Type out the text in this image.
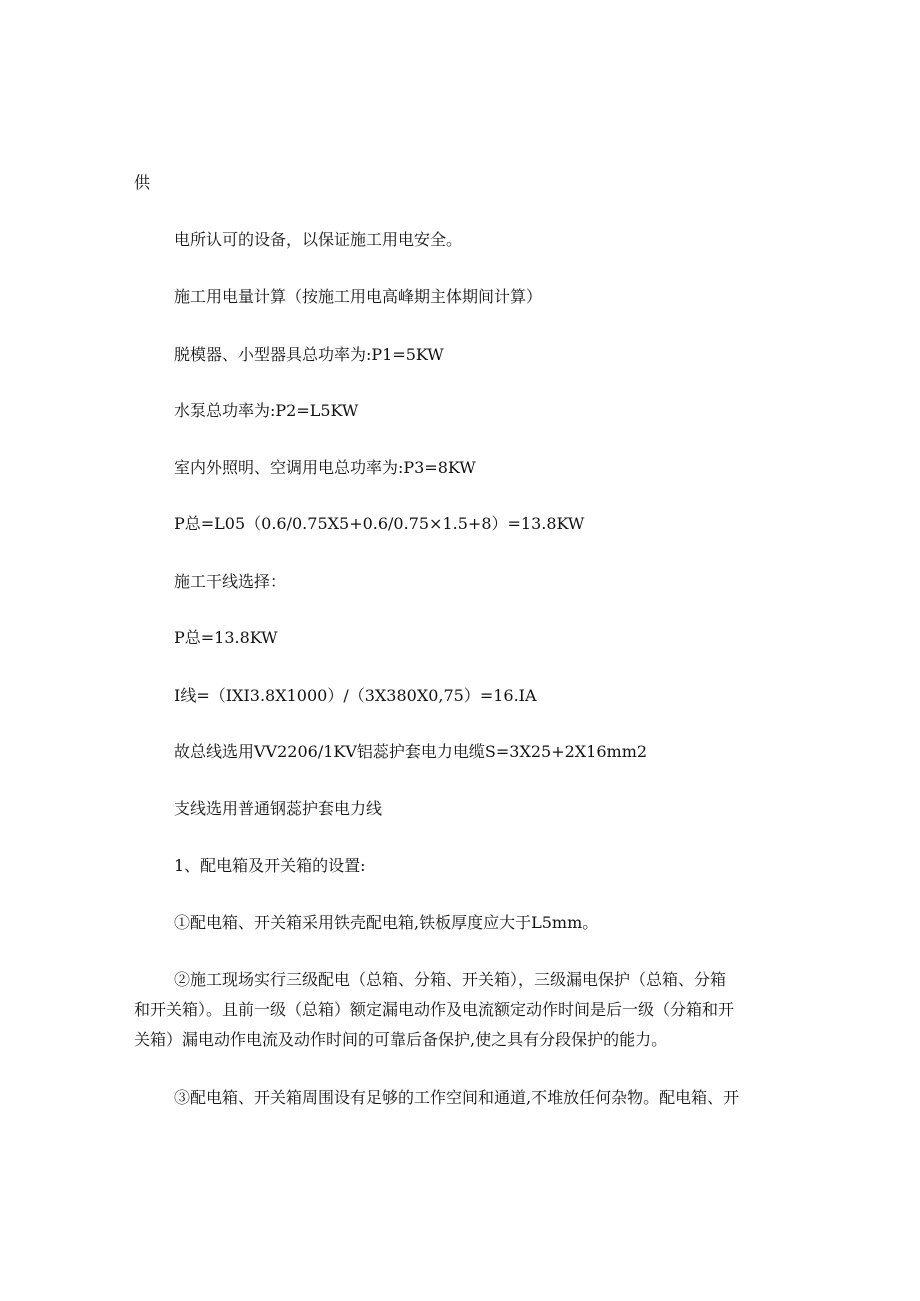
供
电所认可的设备，以保证施工用电安全。
施工用电量计算（按施工用电高峰期主体期间计算）
脱模器、小型器具总功率为:P1=5KW
水泵总功率为:P2=L5KW
室内外照明、空调用电总功率为:P3=8KW
P总=L05（0.6/0.75X5+0.6/0.75×1.5+8）=13.8KW
施工干线选择：
P总=13.8KW
I线=（IXI3.8X1000）/（3X380X0,75）=16.IA
故总线选用VV2206/1KV铝蕊护套电力电缆S=3X25+2X16mm2
支线选用普通钢蕊护套电力线
1、配电箱及开关箱的设置:
①配电箱、开关箱采用铁壳配电箱,铁板厚度应大于L5mm。
②施工现场实行三级配电（总箱、分箱、开关箱），三级漏电保护（总箱、分箱
和开关箱）。且前一级（总箱）额定漏电动作及电流额定动作时间是后一级（分箱和开
关箱）漏电动作电流及动作时间的可靠后备保护,使之具有分段保护的能力。
③配电箱、开关箱周围设有足够的工作空间和通道,不堆放任何杂物。配电箱、开
